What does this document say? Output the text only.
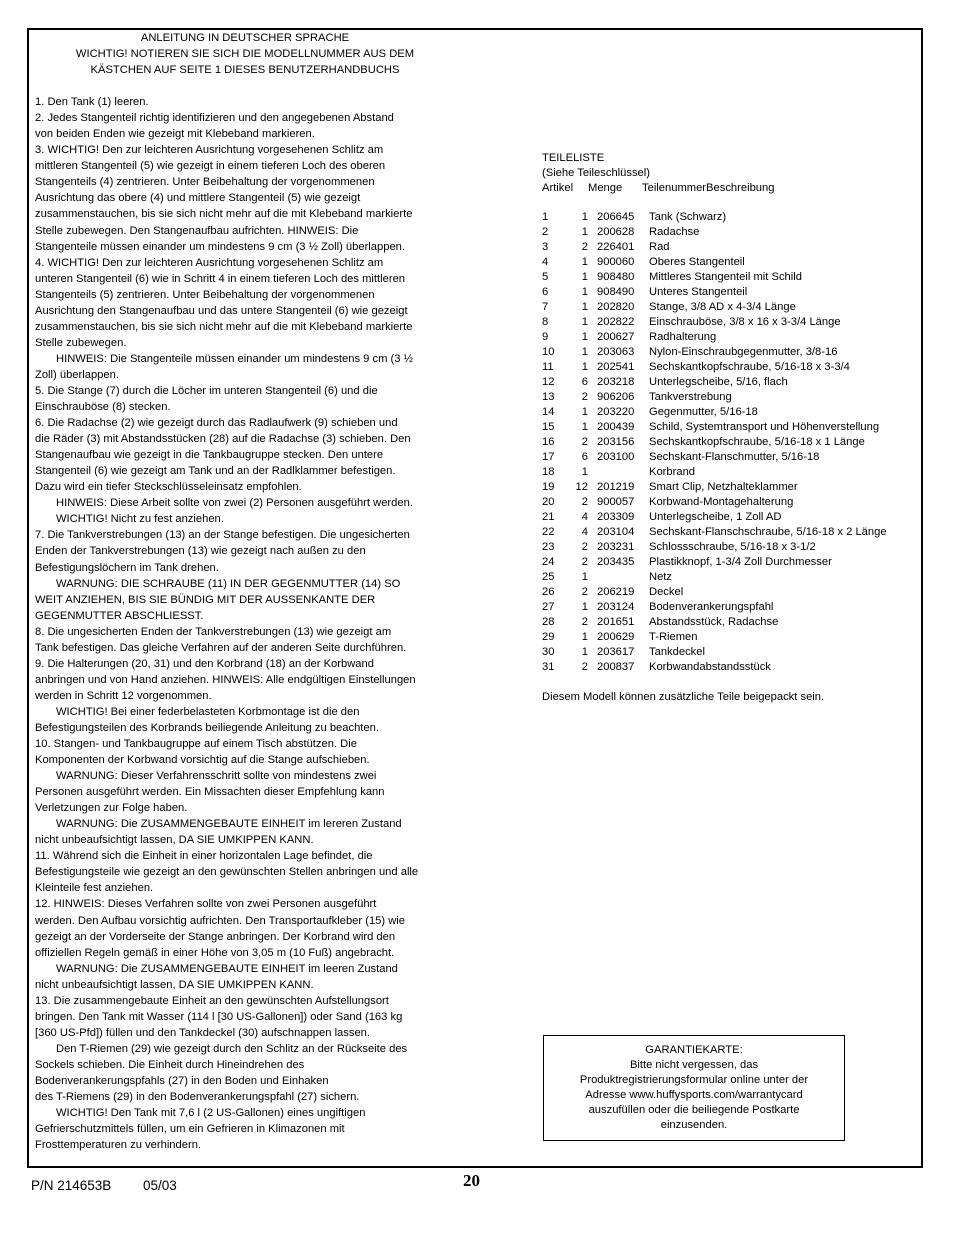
ANLEITUNG IN DEUTSCHER SPRACHE
WICHTIG! NOTIEREN SIE SICH DIE MODELLNUMMER AUS DEM
KÄSTCHEN AUF SEITE 1 DIESES BENUTZERHANDBUCHS
1. Den Tank (1) leeren.
2. Jedes Stangenteil richtig identifizieren und den angegebenen Abstand
von beiden Enden wie gezeigt mit Klebeband markieren.
3. WICHTIG! Den zur leichteren Ausrichtung vorgesehenen Schlitz am
mittleren Stangenteil (5) wie gezeigt in einem tieferen Loch des oberen
Stangenteils (4) zentrieren. Unter Beibehaltung der vorgenommenen
Ausrichtung das obere (4) und mittlere Stangenteil (5) wie gezeigt
zusammenstauchen, bis sie sich nicht mehr auf die mit Klebeband markierte
Stelle zubewegen. Den Stangenaufbau aufrichten. HINWEIS: Die
Stangenteile müssen einander um mindestens 9 cm (3 ½ Zoll) überlappen.
4. WICHTIG! Den zur leichteren Ausrichtung vorgesehenen Schlitz am
unteren Stangenteil (6) wie in Schritt 4 in einem tieferen Loch des mittleren
Stangenteils (5) zentrieren. Unter Beibehaltung der vorgenommenen
Ausrichtung den Stangenaufbau und das untere Stangenteil (6) wie gezeigt
zusammenstauchen, bis sie sich nicht mehr auf die mit Klebeband markierte
Stelle zubewegen.
HINWEIS: Die Stangenteile müssen einander um mindestens 9 cm (3 ½
Zoll) überlappen.
5. Die Stange (7) durch die Löcher im unteren Stangenteil (6) und die
Einschrauböse (8) stecken.
6. Die Radachse (2) wie gezeigt durch das Radlaufwerk (9) schieben und
die Räder (3) mit Abstandsstücken (28) auf die Radachse (3) schieben. Den
Stangenaufbau wie gezeigt in die Tankbaugruppe stecken. Den untere
Stangenteil (6) wie gezeigt am Tank und an der Radlklammer befestigen.
Dazu wird ein tiefer Steckschlüsseleinsatz empfohlen.
HINWEIS: Diese Arbeit sollte von zwei (2) Personen ausgeführt werden.
WICHTIG! Nicht zu fest anziehen.
7. Die Tankverstrebungen (13) an der Stange befestigen. Die ungesicherten
Enden der Tankverstrebungen (13) wie gezeigt nach außen zu den
Befestigungslöchern im Tank drehen.
WARNUNG: DIE SCHRAUBE (11) IN DER GEGENMUTTER (14) SO
WEIT ANZIEHEN, BIS SIE BÜNDIG MIT DER AUSSENKANTE DER
GEGENMUTTER ABSCHLIESST.
8. Die ungesicherten Enden der Tankverstrebungen (13) wie gezeigt am
Tank befestigen. Das gleiche Verfahren auf der anderen Seite durchführen.
9. Die Halterungen (20, 31) und den Korbrand (18) an der Korbwand
anbringen und von Hand anziehen. HINWEIS: Alle endgültigen Einstellungen
werden in Schritt 12 vorgenommen.
WICHTIG! Bei einer federbelasteten Korbmontage ist die den
Befestigungsteilen des Korbrands beiliegende Anleitung zu beachten.
10. Stangen- und Tankbaugruppe auf einem Tisch abstützen. Die
Komponenten der Korbwand vorsichtig auf die Stange aufschieben.
WARNUNG: Dieser Verfahrensschritt sollte von mindestens zwei
Personen ausgeführt werden. Ein Missachten dieser Empfehlung kann
Verletzungen zur Folge haben.
WARNUNG: Die ZUSAMMENGEBAUTE EINHEIT im lereren Zustand
nicht unbeaufsichtigt lassen, DA SIE UMKIPPEN KANN.
11. Während sich die Einheit in einer horizontalen Lage befindet, die
Befestigungsteile wie gezeigt an den gewünschten Stellen anbringen und alle
Kleinteile fest anziehen.
12. HINWEIS: Dieses Verfahren sollte von zwei Personen ausgeführt
werden. Den Aufbau vorsichtig aufrichten. Den Transportaufkleber (15) wie
gezeigt an der Vorderseite der Stange anbringen. Der Korbrand wird den
offiziellen Regeln gemäß in einer Höhe von 3,05 m (10 Fuß) angebracht.
WARNUNG: Die ZUSAMMENGEBAUTE EINHEIT im leeren Zustand
nicht unbeaufsichtigt lassen, DA SIE UMKIPPEN KANN.
13. Die zusammengebaute Einheit an den gewünschten Aufstellungsort
bringen. Den Tank mit Wasser (114 l [30 US-Gallonen]) oder Sand (163 kg
[360 US-Pfd]) füllen und den Tankdeckel (30) aufschnappen lassen.
Den T-Riemen (29) wie gezeigt durch den Schlitz an der Rückseite des
Sockels schieben. Die Einheit durch Hineindrehen des
Bodenverankerungspfahls (27) in den Boden und Einhaken
des T-Riemens (29) in den Bodenverankerungspfahl (27) sichern.
WICHTIG! Den Tank mit 7,6 l (2 US-Gallonen) eines ungiftigen
Gefrierschutzmittels füllen, um ein Gefrieren in Klimazonen mit
Frosttemperaturen zu verhindern.
TEILELISTE
(Siehe Teileschlüssel)
Artikel	Menge	TeilenummerBeschreibung
1	1 206645	Tank (Schwarz)
2	1 200628	Radachse
3	2 226401	Rad
4	1 900060	Oberes Stangenteil
5	1 908480	Mittleres Stangenteil mit Schild
6	1 908490	Unteres Stangenteil
7	1 202820	Stange, 3/8 AD x 4-3/4 Länge
8	1 202822	Einschrauböse, 3/8 x 16 x 3-3/4 Länge
9	1 200627	Radhalterung
10	1 203063	Nylon-Einschraubgegenmutter, 3/8-16
11	1 202541	Sechskantkopfschraube, 5/16-18 x 3-3/4
12	6 203218	Unterlegscheibe, 5/16, flach
13	2 906206	Tankverstrebung
14	1 203220	Gegenmutter, 5/16-18
15	1 200439	Schild, Systemtransport und Höhenverstellung
16	2 203156	Sechskantkopfschraube, 5/16-18 x 1 Länge
17	6 203100	Sechskant-Flanschmutter, 5/16-18
18	1	Korbrand
19	12 201219	Smart Clip, Netzhalteklammer
20	2 900057	Korbwand-Montagehalterung
21	4 203309	Unterlegscheibe, 1 Zoll AD
22	4 203104	Sechskant-Flanschschraube, 5/16-18 x 2 Länge
23	2 203231	Schlossschraube, 5/16-18 x 3-1/2
24	2 203435	Plastikknopf, 1-3/4 Zoll Durchmesser
25	1	Netz
26	2 206219	Deckel
27	1 203124	Bodenverankerungspfahl
28	2 201651	Abstandsstück, Radachse
29	1 200629	T-Riemen
30	1 203617	Tankdeckel
31	2 200837	Korbwandabstandsstück
Diesem Modell können zusätzliche Teile beigepackt sein.
GARANTIEKARTE:
Bitte nicht vergessen, das
Produktregistrierungsformular online unter der
Adresse www.huffysports.com/warrantycard
auszufüllen oder die beiliegende Postkarte
einzusenden.
P/N 214653B 05/03	20
